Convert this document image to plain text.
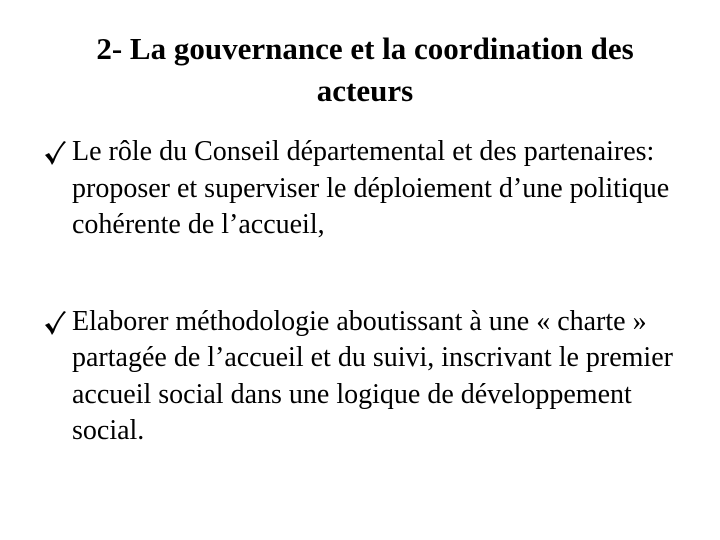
2- La gouvernance et la coordination des
acteurs
Le rôle du Conseil départemental et des partenaires: proposer et superviser le déploiement d’une politique cohérente de l’accueil,
Elaborer méthodologie aboutissant à une « charte » partagée de l’accueil et du suivi, inscrivant le premier accueil social dans une logique de développement social.
